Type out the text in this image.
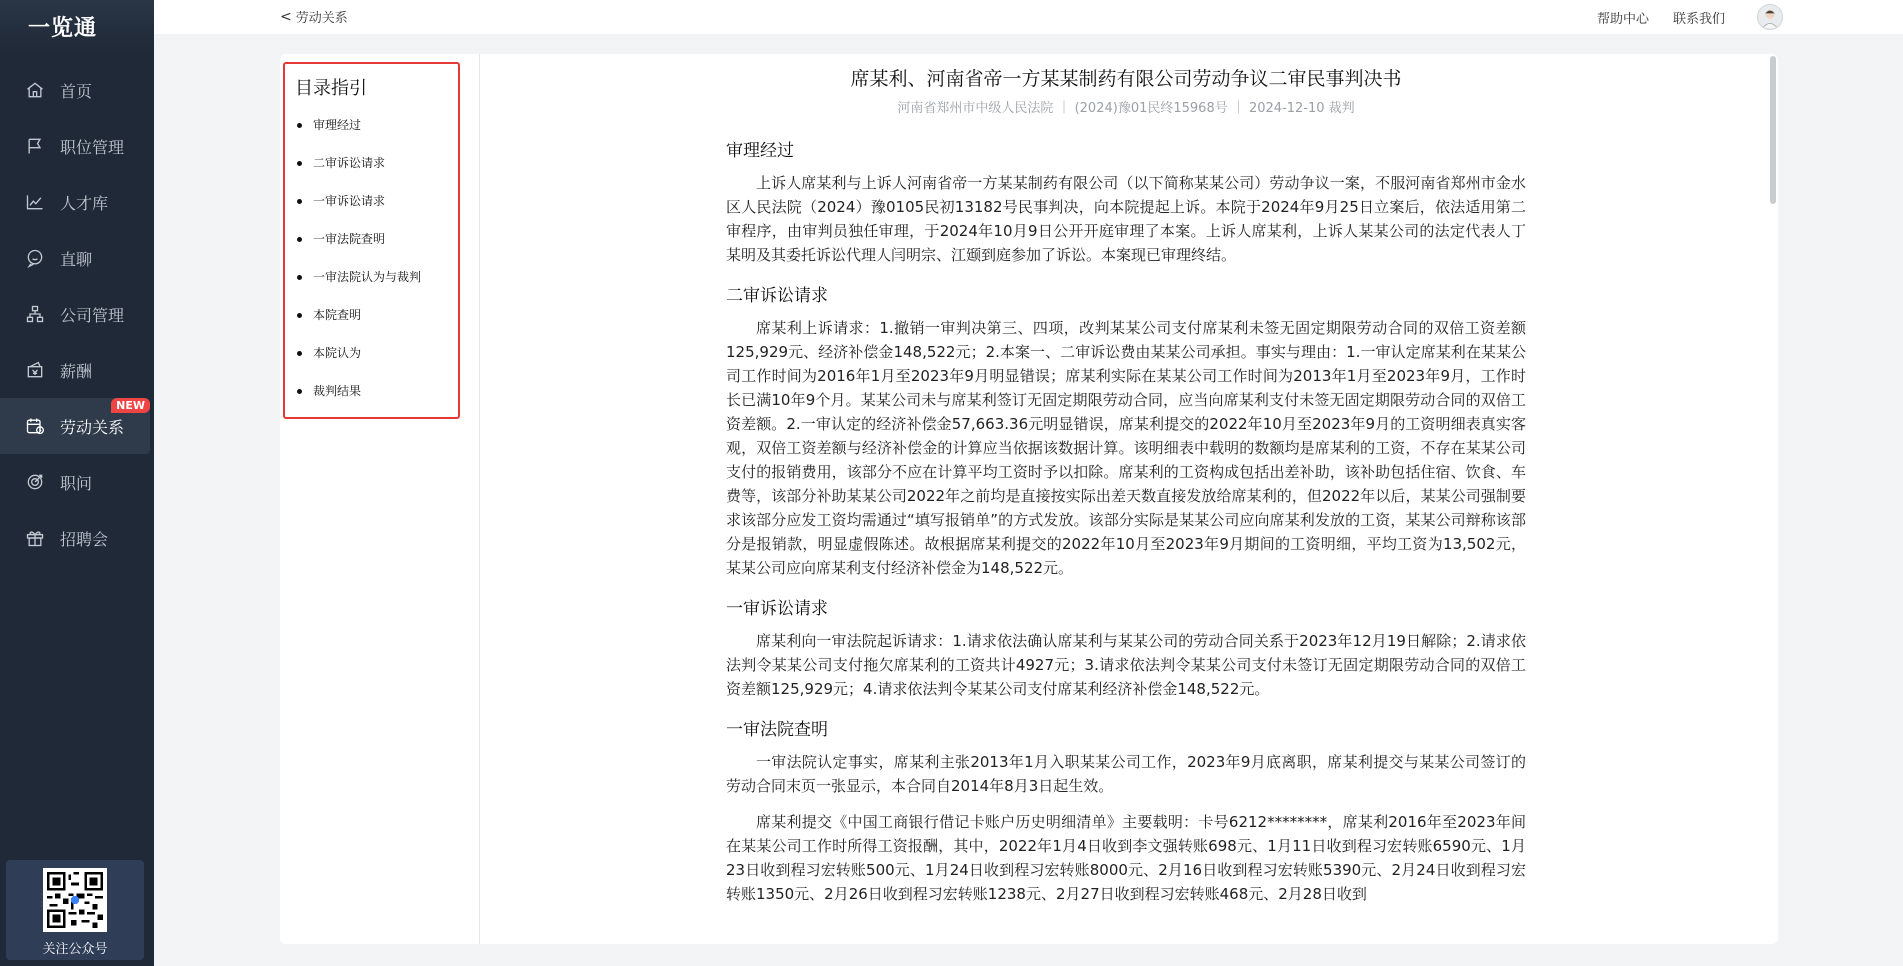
一览通
首页
职位管理
人才库
直聊
公司管理
薪酬
劳动关系
NEW
职问
招聘会
关注公众号
< 劳动关系	帮助中心 联系我们
目录指引
审理经过
二审诉讼请求
一审诉讼请求
一审法院查明
一审法院认为与裁判
本院查明
本院认为
裁判结果
席某利、河南省帝一方某某制药有限公司劳动争议二审民事判决书
河南省郑州市中级人民法院 ｜ (2024)豫01民终15968号 ｜ 2024-12-10 裁判
审理经过

上诉人席某利与上诉人河南省帝一方某某制药有限公司（以下简称某某公司）劳动争议一案，不服河南省郑州市金水区人民法院（2024）豫0105民初13182号民事判决，向本院提起上诉。本院于2024年9月25日立案后，依法适用第二审程序，由审判员独任审理，于2024年10月9日公开开庭审理了本案。上诉人席某利，上诉人某某公司的法定代表人丁某明及其委托诉讼代理人闫明宗、江颋到庭参加了诉讼。本案现已审理终结。

二审诉讼请求

席某利上诉请求：1.撤销一审判决第三、四项，改判某某公司支付席某利未签无固定期限劳动合同的双倍工资差额125,929元、经济补偿金148,522元；2.本案一、二审诉讼费由某某公司承担。事实与理由：1.一审认定席某利在某某公司工作时间为2016年1月至2023年9月明显错误；席某利实际在某某公司工作时间为2013年1月至2023年9月，工作时长已满10年9个月。某某公司未与席某利签订无固定期限劳动合同，应当向席某利支付未签无固定期限劳动合同的双倍工资差额。2.一审认定的经济补偿金57,663.36元明显错误，席某利提交的2022年10月至2023年9月的工资明细表真实客观，双倍工资差额与经济补偿金的计算应当依据该数据计算。该明细表中载明的数额均是席某利的工资，不存在某某公司支付的报销费用，该部分不应在计算平均工资时予以扣除。席某利的工资构成包括出差补助，该补助包括住宿、饮食、车费等，该部分补助某某公司2022年之前均是直接按实际出差天数直接发放给席某利的，但2022年以后，某某公司强制要求该部分应发工资均需通过“填写报销单”的方式发放。该部分实际是某某公司应向席某利发放的工资，某某公司辩称该部分是报销款，明显虚假陈述。故根据席某利提交的2022年10月至2023年9月期间的工资明细，平均工资为13,502元，某某公司应向席某利支付经济补偿金为148,522元。

一审诉讼请求

席某利向一审法院起诉请求：1.请求依法确认席某利与某某公司的劳动合同关系于2023年12月19日解除；2.请求依法判令某某公司支付拖欠席某利的工资共计4927元；3.请求依法判令某某公司支付未签订无固定期限劳动合同的双倍工资差额125,929元；4.请求依法判令某某公司支付席某利经济补偿金148,522元。

一审法院查明

一审法院认定事实，席某利主张2013年1月入职某某公司工作，2023年9月底离职，席某利提交与某某公司签订的劳动合同末页一张显示，本合同自2014年8月3日起生效。

席某利提交《中国工商银行借记卡账户历史明细清单》主要载明：卡号6212********，席某利2016年至2023年间在某某公司工作时所得工资报酬，其中，2022年1月4日收到李文强转账698元、1月11日收到程习宏转账6590元、1月23日收到程习宏转账500元、1月24日收到程习宏转账8000元、2月16日收到程习宏转账5390元、2月24日收到程习宏转账1350元、2月26日收到程习宏转账1238元、2月27日收到程习宏转账468元、2月28日收到
